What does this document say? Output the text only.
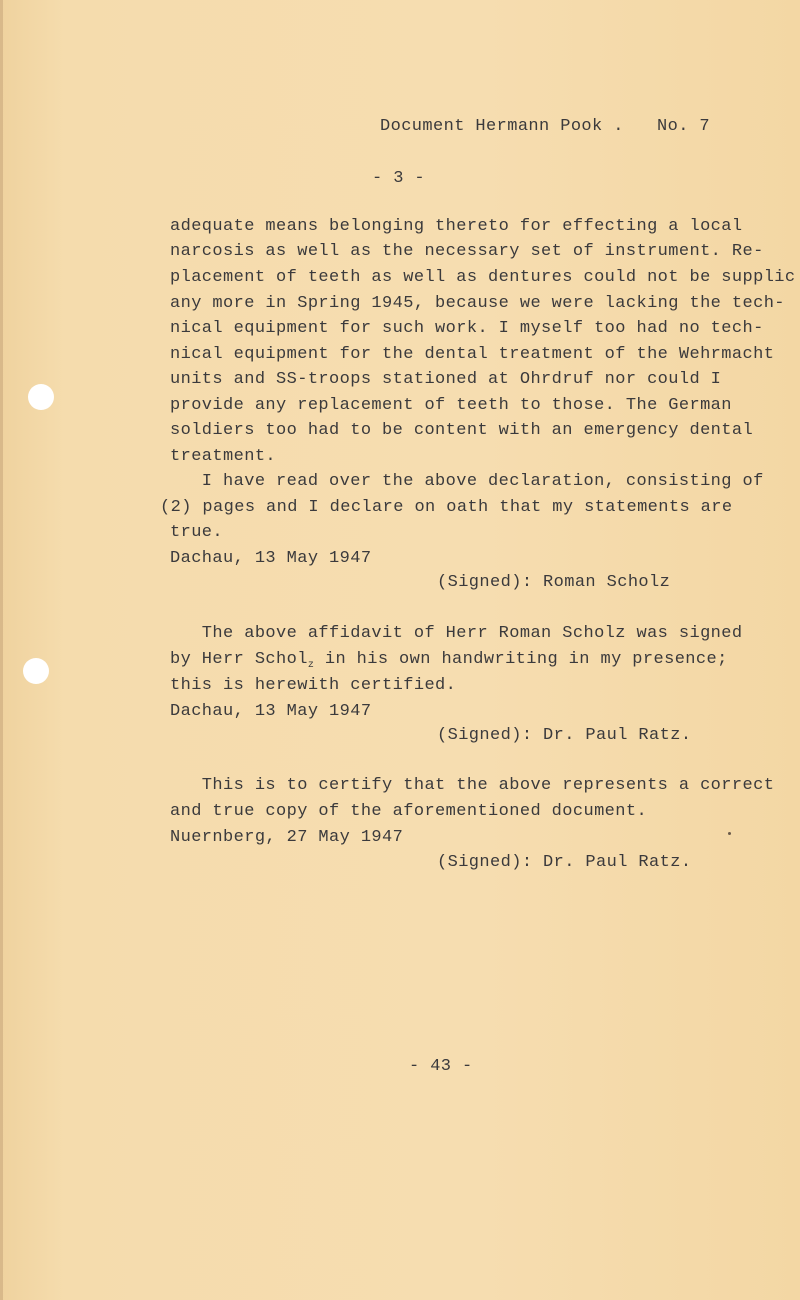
Document Hermann Pook . No. 7
- 3 -
adequate means belonging thereto for effecting a local
narcosis as well as the necessary set of instrument. Re-
placement of teeth as well as dentures could not be supplic
any more in Spring 1945, because we were lacking the tech-
nical equipment for such work. I myself too had no tech-
nical equipment for the dental treatment of the Wehrmacht
units and SS-troops stationed at Ohrdruf nor could I
provide any replacement of teeth to those. The German
soldiers too had to be content with an emergency dental
treatment.
I have read over the above declaration, consisting of
(2) pages and I declare on oath that my statements are
true.
Dachau, 13 May 1947
(Signed): Roman Scholz
The above affidavit of Herr Roman Scholz was signed
by Herr Schol$_z$ in his own handwriting in my presence;
this is herewith certified.
Dachau, 13 May 1947
(Signed): Dr. Paul Ratz.
This is to certify that the above represents a correct
and true copy of the aforementioned document.
Nuernberg, 27 May 1947
(Signed): Dr. Paul Ratz.
- 43 -
